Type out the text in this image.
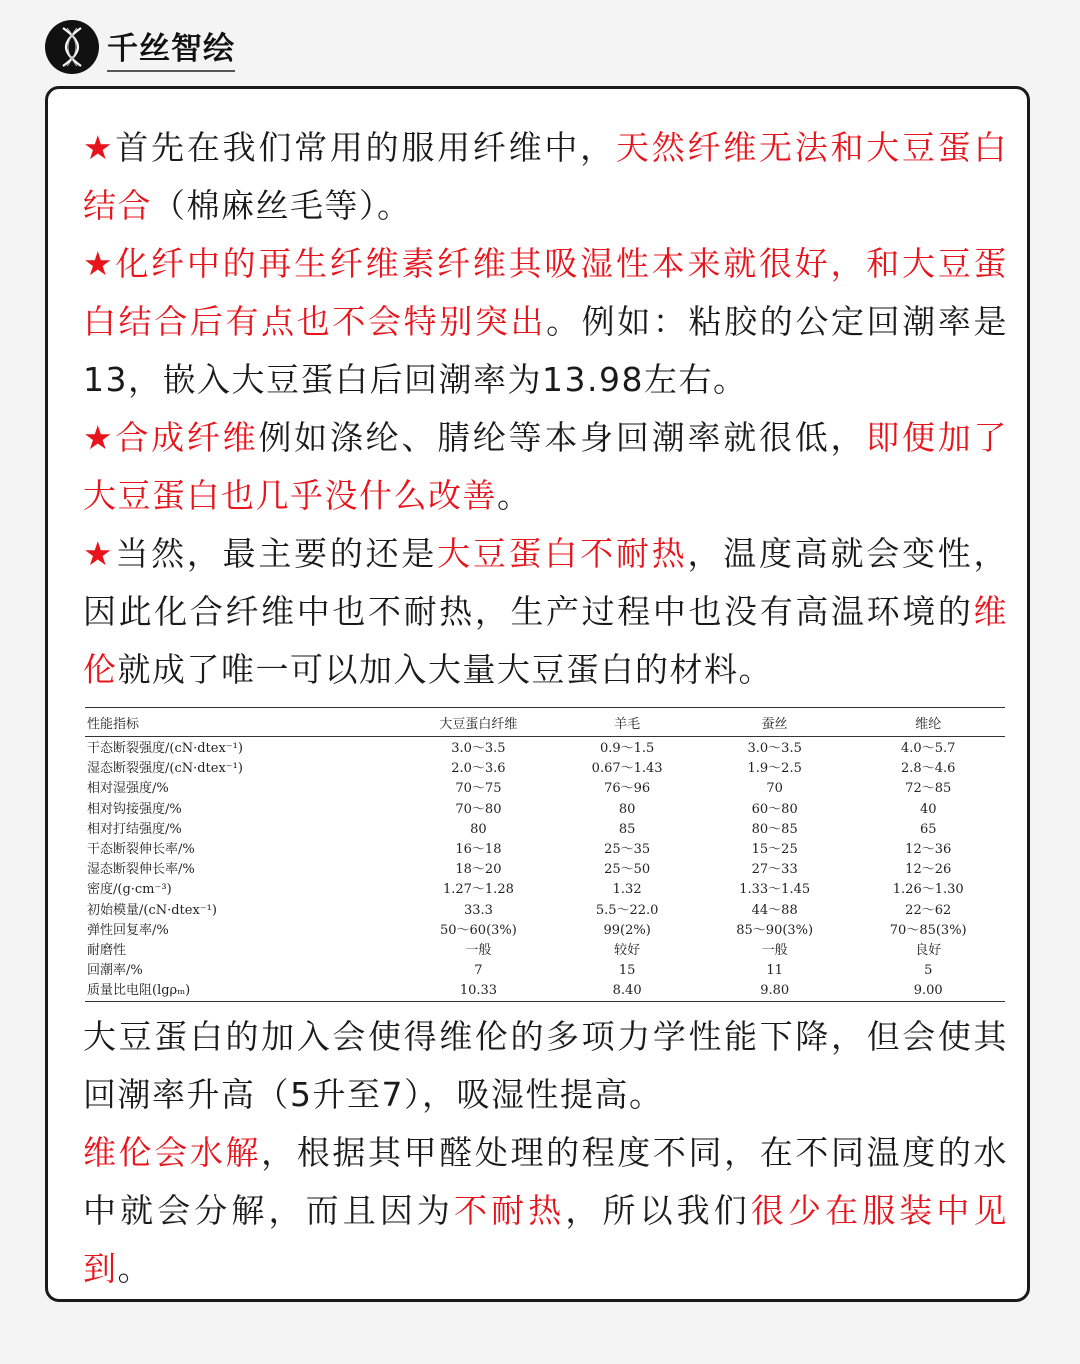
千丝智绘

★首先在我们常用的服用纤维中，天然纤维无法和大豆蛋白结合（棉麻丝毛等）。

★化纤中的再生纤维素纤维其吸湿性本来就很好，和大豆蛋白结合后有点也不会特别突出。例如：粘胶的公定回潮率是13，嵌入大豆蛋白后回潮率为13.98左右。

★合成纤维例如涤纶、腈纶等本身回潮率就很低，即便加了大豆蛋白也几乎没什么改善。

★当然，最主要的还是大豆蛋白不耐热，温度高就会变性，因此化合纤维中也不耐热，生产过程中也没有高温环境的维伦就成了唯一可以加入大量大豆蛋白的材料。

性能指标	大豆蛋白纤维	羊毛	蚕丝	维纶
干态断裂强度/(cN·dtex⁻¹)	3.0～3.5	0.9～1.5	3.0～3.5	4.0～5.7
湿态断裂强度/(cN·dtex⁻¹)	2.0～3.6	0.67～1.43	1.9～2.5	2.8～4.6
相对湿强度/%	70～75	76～96	70	72～85
相对钩接强度/%	70～80	80	60～80	40
相对打结强度/%	80	85	80～85	65
干态断裂伸长率/%	16～18	25～35	15～25	12～36
湿态断裂伸长率/%	18～20	25～50	27～33	12～26
密度/(g·cm⁻³)	1.27～1.28	1.32	1.33～1.45	1.26～1.30
初始模量/(cN·dtex⁻¹)	33.3	5.5～22.0	44～88	22～62
弹性回复率/%	50～60(3%)	99(2%)	85～90(3%)	70～85(3%)
耐磨性	一般	较好	一般	良好
回潮率/%	7	15	11	5
质量比电阻(lgρₘ)	10.33	8.40	9.80	9.00

大豆蛋白的加入会使得维伦的多项力学性能下降，但会使其回潮率升高（5升至7），吸湿性提高。

维伦会水解，根据其甲醛处理的程度不同，在不同温度的水中就会分解，而且因为不耐热，所以我们很少在服装中见到。
